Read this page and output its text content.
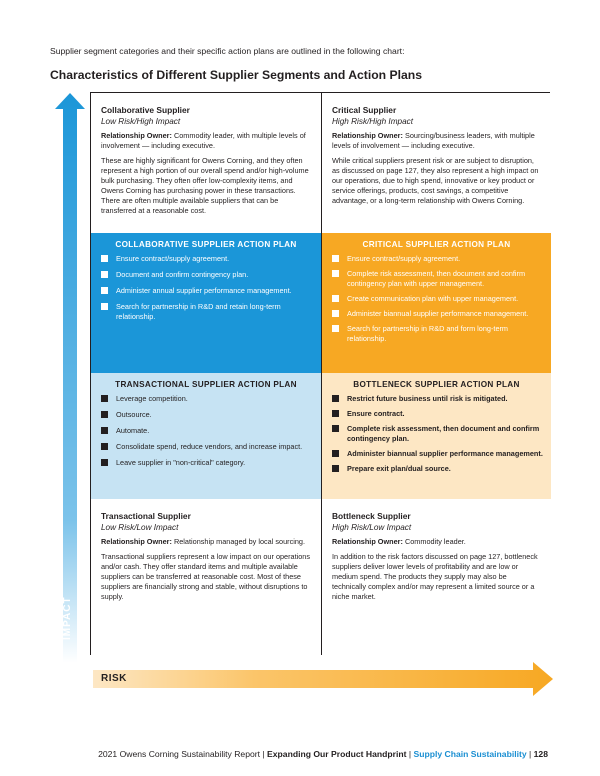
Supplier segment categories and their specific action plans are outlined in the following chart:
Characteristics of Different Supplier Segments and Action Plans
IMPACT
RISK
Collaborative Supplier
Low Risk/High Impact
Relationship Owner: Commodity leader, with multiple levels of involvement — including executive.
These are highly significant for Owens Corning, and they often represent a high portion of our overall spend and/or high-volume bulk purchasing. They often offer low-complexity items, and Owens Corning has purchasing power in these transactions. There are often multiple available suppliers that can be transferred at a reasonable cost.
Critical Supplier
High Risk/High Impact
Relationship Owner: Sourcing/business leaders, with multiple levels of involvement — including executive.
While critical suppliers present risk or are subject to disruption, as discussed on page 127, they also represent a high impact on our operations, due to high spend, innovative or key product or service offerings, products, cost savings, a competitive advantage, or a long-term relationship with Owens Corning.
COLLABORATIVE SUPPLIER ACTION PLAN
Ensure contract/supply agreement.
Document and confirm contingency plan.
Administer annual supplier performance management.
Search for partnership in R&D and retain long-term relationship.
CRITICAL SUPPLIER ACTION PLAN
Ensure contract/supply agreement.
Complete risk assessment, then document and confirm contingency plan with upper management.
Create communication plan with upper management.
Administer biannual supplier performance management.
Search for partnership in R&D and form long-term relationship.
TRANSACTIONAL SUPPLIER ACTION PLAN
Leverage competition.
Outsource.
Automate.
Consolidate spend, reduce vendors, and increase impact.
Leave supplier in "non-critical" category.
BOTTLENECK SUPPLIER ACTION PLAN
Restrict future business until risk is mitigated.
Ensure contract.
Complete risk assessment, then document and confirm contingency plan.
Administer biannual supplier performance management.
Prepare exit plan/dual source.
Transactional Supplier
Low Risk/Low Impact
Relationship Owner: Relationship managed by local sourcing.
Transactional suppliers represent a low impact on our operations and/or cash. They offer standard items and multiple available suppliers can be transferred at reasonable cost. Most of these suppliers are financially strong and stable, without disruptions to supply.
Bottleneck Supplier
High Risk/Low Impact
Relationship Owner: Commodity leader.
In addition to the risk factors discussed on page 127, bottleneck suppliers deliver lower levels of profitability and are low or medium spend. The products they supply may also be technically complex and/or may represent a limited source or a niche market.
2021 Owens Corning Sustainability Report | Expanding Our Product Handprint | Supply Chain Sustainability | 128
